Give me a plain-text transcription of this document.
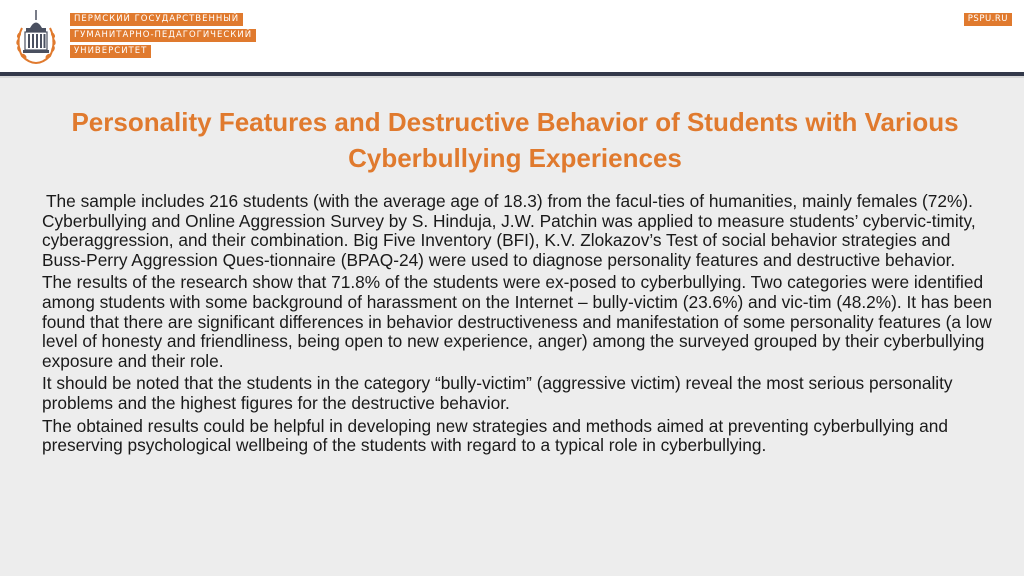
ПЕРМСКИЙ ГОСУДАРСТВЕННЫЙ
ГУМАНИТАРНО-ПЕДАГОГИЧЕСКИЙ
УНИВЕРСИТЕТ
PSPU.RU
Personality Features and Destructive Behavior of Students with Various Cyberbullying Experiences

The sample includes 216 students (with the average age of 18.3) from the facul-ties of humanities, mainly females (72%). Cyberbullying and Online Aggression Survey by S. Hinduja, J.W. Patchin was applied to measure students’ cybervic-timity, cyberaggression, and their combination. Big Five Inventory (BFI), K.V. Zlokazov’s Test of social behavior strategies and Buss-Perry Aggression Ques-tionnaire (BPAQ-24) were used to diagnose personality features and destructive behavior.

The results of the research show that 71.8% of the students were ex-posed to cyberbullying. Two categories were identified among students with some background of harassment on the Internet – bully-victim (23.6%) and vic-tim (48.2%). It has been found that there are significant differences in behavior destructiveness and manifestation of some personality features (a low level of honesty and friendliness, being open to new experience, anger) among the surveyed grouped by their cyberbullying exposure and their role.

It should be noted that the students in the category “bully-victim” (aggressive victim) reveal the most serious personality problems and the highest figures for the destructive behavior.

The obtained results could be helpful in developing new strategies and methods aimed at preventing cyberbullying and preserving psychological wellbeing of the students with regard to a typical role in cyberbullying.
